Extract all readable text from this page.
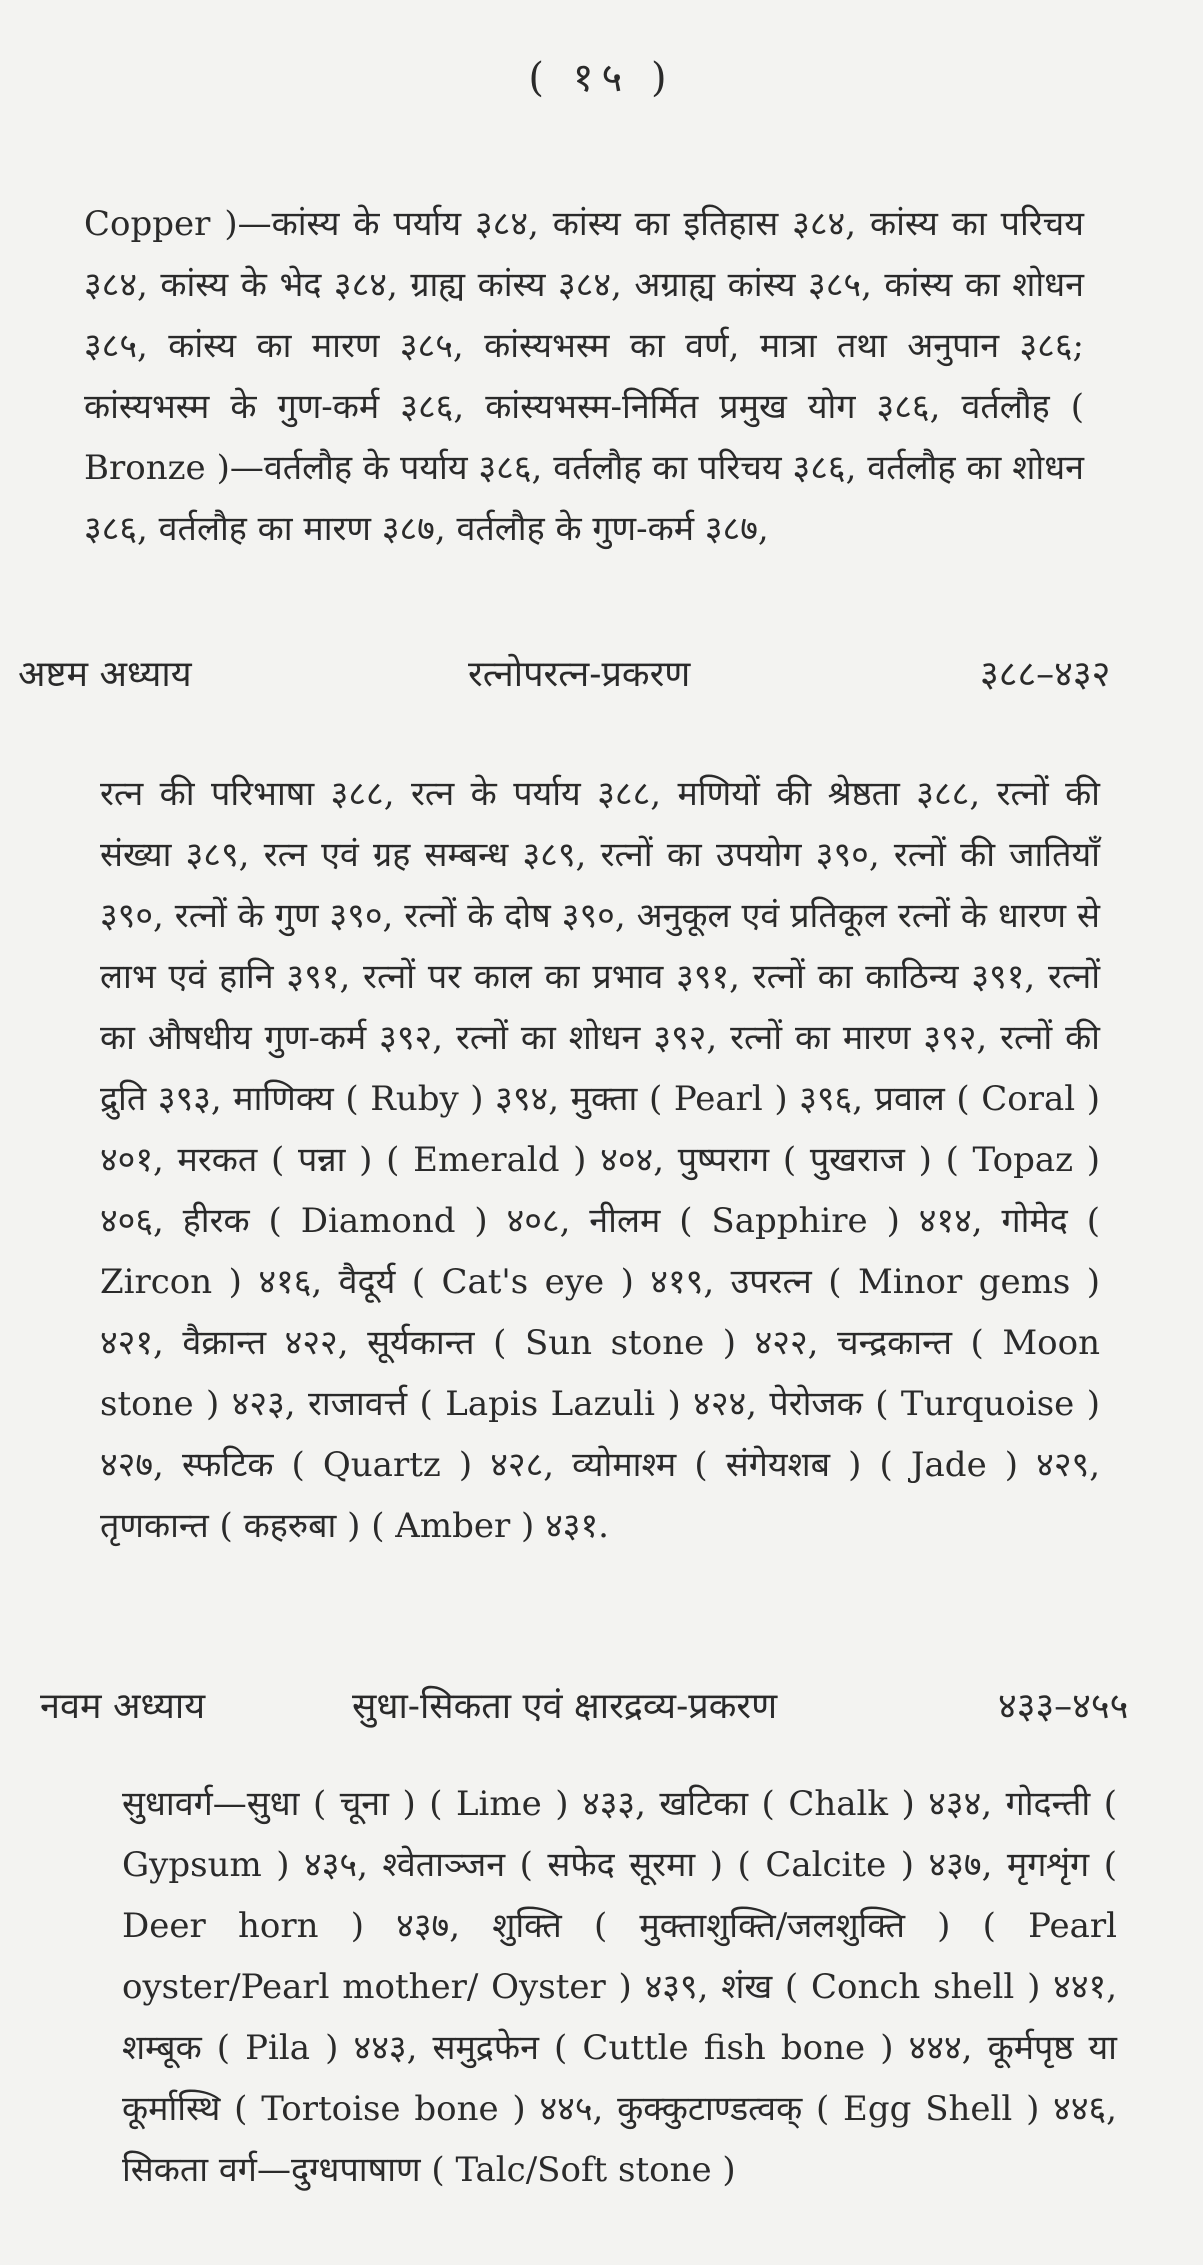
( १५ )

Copper )—कांस्य के पर्याय ३८४, कांस्य का इतिहास ३८४, कांस्य का परिचय ३८४, कांस्य के भेद ३८४, ग्राह्य कांस्य ३८४, अग्राह्य कांस्य ३८५, कांस्य का शोधन ३८५, कांस्य का मारण ३८५, कांस्यभस्म का वर्ण, मात्रा तथा अनुपान ३८६; कांस्यभस्म के गुण-कर्म ३८६, कांस्यभस्म-निर्मित प्रमुख योग ३८६, वर्तलौह ( Bronze )—वर्तलौह के पर्याय ३८६, वर्तलौह का परिचय ३८६, वर्तलौह का शोधन ३८६, वर्तलौह का मारण ३८७, वर्तलौह के गुण-कर्म ३८७,

अष्टम अध्याय	रत्नोपरत्न-प्रकरण	३८८–४३२

रत्न की परिभाषा ३८८, रत्न के पर्याय ३८८, मणियों की श्रेष्ठता ३८८, रत्नों की संख्या ३८९, रत्न एवं ग्रह सम्बन्ध ३८९, रत्नों का उपयोग ३९०, रत्नों की जातियाँ ३९०, रत्नों के गुण ३९०, रत्नों के दोष ३९०, अनुकूल एवं प्रतिकूल रत्नों के धारण से लाभ एवं हानि ३९१, रत्नों पर काल का प्रभाव ३९१, रत्नों का काठिन्य ३९१, रत्नों का औषधीय गुण-कर्म ३९२, रत्नों का शोधन ३९२, रत्नों का मारण ३९२, रत्नों की द्रुति ३९३, माणिक्य ( Ruby ) ३९४, मुक्ता ( Pearl ) ३९६, प्रवाल ( Coral ) ४०१, मरकत ( पन्ना ) ( Emerald ) ४०४, पुष्पराग ( पुखराज ) ( Topaz ) ४०६, हीरक ( Diamond ) ४०८, नीलम ( Sapphire ) ४१४, गोमेद ( Zircon ) ४१६, वैदूर्य ( Cat's eye ) ४१९, उपरत्न ( Minor gems ) ४२१, वैक्रान्त ४२२, सूर्यकान्त ( Sun stone ) ४२२, चन्द्रकान्त ( Moon stone ) ४२३, राजावर्त्त ( Lapis Lazuli ) ४२४, पेरोजक ( Turquoise ) ४२७, स्फटिक ( Quartz ) ४२८, व्योमाश्म ( संगेयशब ) ( Jade ) ४२९, तृणकान्त ( कहरुबा ) ( Amber ) ४३१.

नवम अध्याय	सुधा-सिकता एवं क्षारद्रव्य-प्रकरण	४३३–४५५

सुधावर्ग—सुधा ( चूना ) ( Lime ) ४३३, खटिका ( Chalk ) ४३४, गोदन्ती ( Gypsum ) ४३५, श्वेताञ्जन ( सफेद सूरमा ) ( Calcite ) ४३७, मृगशृंग ( Deer horn ) ४३७, शुक्ति ( मुक्ताशुक्ति/जलशुक्ति ) ( Pearl oyster/Pearl mother/ Oyster ) ४३९, शंख ( Conch shell ) ४४१, शम्बूक ( Pila ) ४४३, समुद्रफेन ( Cuttle fish bone ) ४४४, कूर्मपृष्ठ या कूर्मास्थि ( Tortoise bone ) ४४५, कुक्कुटाण्डत्वक् ( Egg Shell ) ४४६, सिकता वर्ग—दुग्धपाषाण ( Talc/Soft stone )
